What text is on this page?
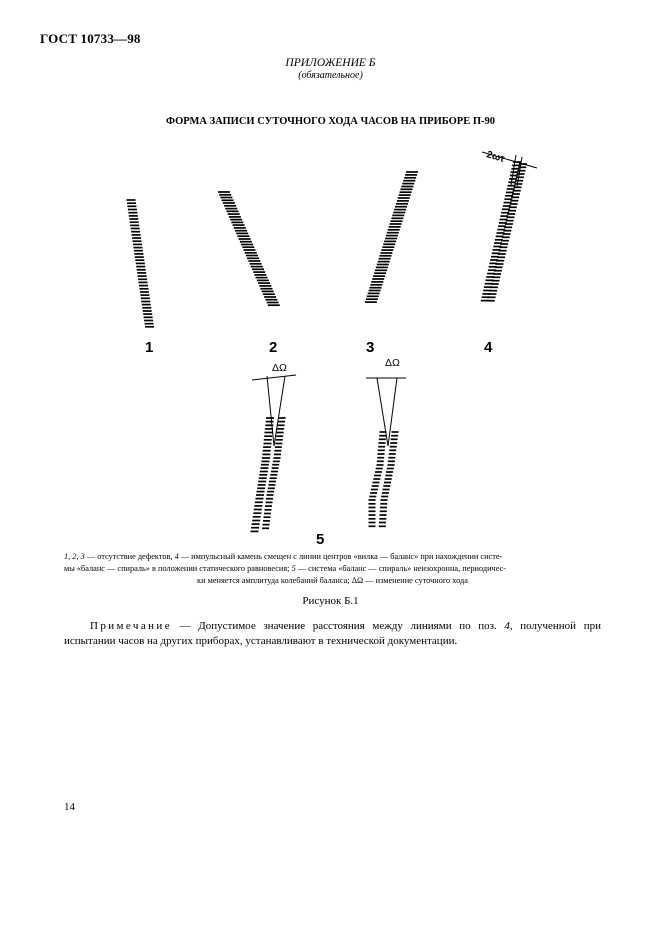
ГОСТ 10733—98
ПРИЛОЖЕНИЕ Б
(обязательное)
ФОРМА ЗАПИСИ СУТОЧНОГО ХОДА ЧАСОВ НА ПРИБОРЕ П-90
2ωτ
ΔΩ	ΔΩ
1	2	3	4
5

1, 2, 3 — отсутствие дефектов, 4 — импульсный камень смещен с линии центров «вилка — баланс» при нахождении систе-

мы «баланс — спираль» в положении статического равновесия; 5 — система «баланс — спираль» неизохронна, периодичес-

ки меняется амплитуда колебаний баланса; ΔΩ — изменение суточного хода

Рисунок Б.1
Примечание — Допустимое значение расстояния между линиями по поз. 4, полученной при испытании часов на других приборах, устанавливают в технической документации.
14
